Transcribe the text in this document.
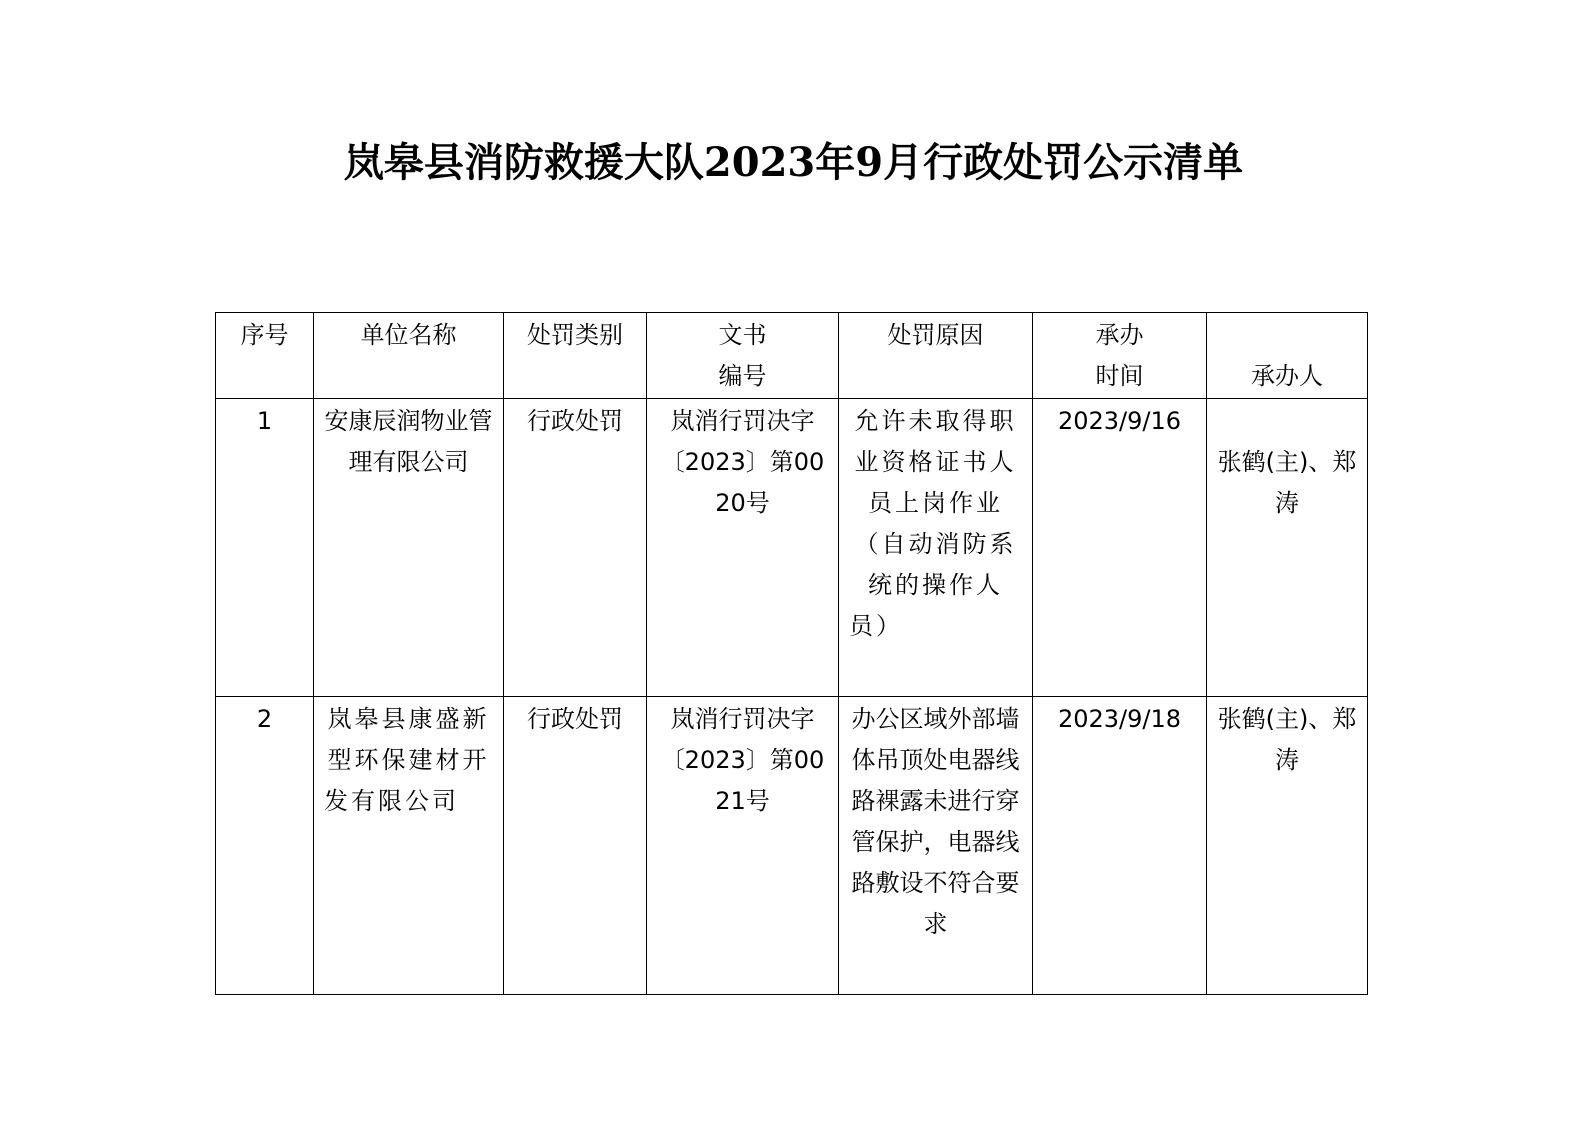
岚皋县消防救援大队2023年9月行政处罚公示清单
序号	单位名称	处罚类别	文书编号	处罚原因	承办时间	承办人

1	安康辰润物业管理有限公司	行政处罚	岚消行罚决字〔2023〕第0020号	允许未取得职业资格证书人员上岗作业（自动消防系统的操作人员）	2023/9/16	张鹤(主)、郑涛

2	岚皋县康盛新型环保建材开发有限公司	行政处罚	岚消行罚决字〔2023〕第0021号	办公区域外部墙 体吊顶处电器线路裸露未进行穿管保护，电器线路敷设不符合要求	2023/9/18	张鹤(主)、郑涛
